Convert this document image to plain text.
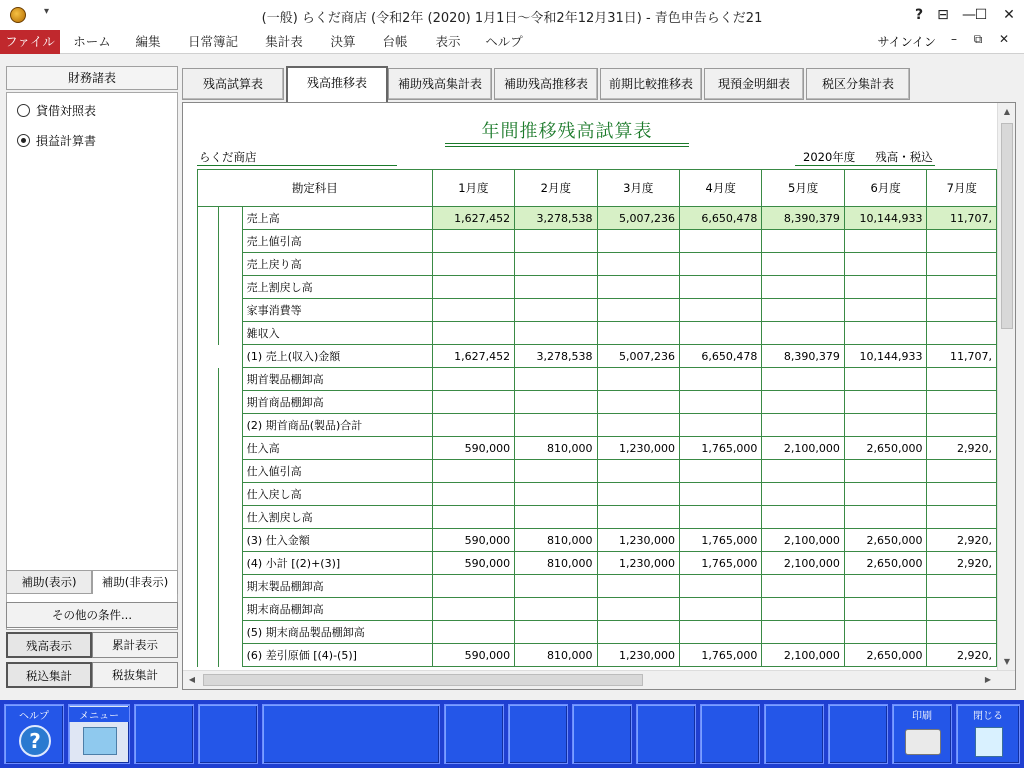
▾	(一般) らくだ商店 (令和2年 (2020) 1月1日～令和2年12月31日) - 青色申告らくだ21	?	⊟ —
☐	✕
ファイル	ホーム	編集	日常簿記	集計表	決算	台帳	表示	ヘルプ	サインイン	–	⧉	✕
財務諸表
貸借対照表
損益計算書
補助(表示)	補助(非表示)
その他の条件...
残高表示	累計表示
税込集計	税抜集計
残高試算表	残高推移表	補助残高集計表	補助残高推移表	前期比較推移表	現預金明細表	税区分集計表
年間推移残高試算表
らくだ商店	2020年度 残高・税込
勘定科目			1月度	2月度	3月度	4月度	5月度	6月度	7月度
		売上高	1,627,452	3,278,538	5,007,236	6,650,478	8,390,379	10,144,933	11,707,
		売上値引高							
		売上戻り高							
		売上割戻し高							
		家事消費等							
		雑収入							
		(1) 売上(収入)金額	1,627,452	3,278,538	5,007,236	6,650,478	8,390,379	10,144,933	11,707,
		期首製品棚卸高							
		期首商品棚卸高							
		(2) 期首商品(製品)合計							
		仕入高	590,000	810,000	1,230,000	1,765,000	2,100,000	2,650,000	2,920,
		仕入値引高							
		仕入戻し高							
		仕入割戻し高							
		(3) 仕入金額	590,000	810,000	1,230,000	1,765,000	2,100,000	2,650,000	2,920,
		(4) 小計 [(2)+(3)]	590,000	810,000	1,230,000	1,765,000	2,100,000	2,650,000	2,920,
		期末製品棚卸高							
		期末商品棚卸高							
		(5) 期末商品製品棚卸高							
		(6) 差引原価 [(4)-(5)]	590,000	810,000	1,230,000	1,765,000	2,100,000	2,650,000	2,920,
▲
▼
◀	▶
ヘルプ
?
メニュー	印刷	閉じる
